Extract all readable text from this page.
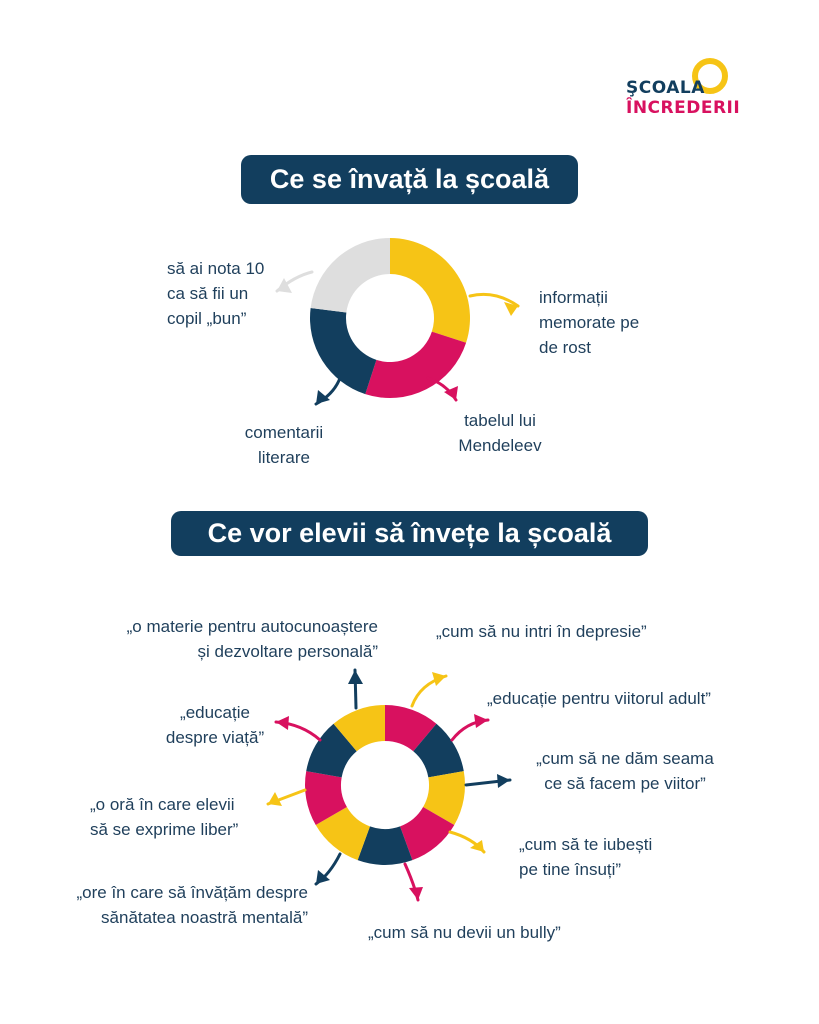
ŞCOALA
ÎNCREDERII
Ce se învață la școală
Ce vor elevii să învețe la școală
să ai nota 10
ca să fii un
copil „bun”
informații
memorate pe
de rost
tabelul lui
Mendeleev
comentarii
literare
„o materie pentru autocunoaștere
și dezvoltare personală”
„cum să nu intri în depresie”
„educație pentru viitorul adult”
„educație
despre viață”
„cum să ne dăm seama
ce să facem pe viitor”
„o oră în care elevii
să se exprime liber”
„cum să te iubești
pe tine însuți”
„ore în care să învățăm despre
sănătatea noastră mentală”
„cum să nu devii un bully”
